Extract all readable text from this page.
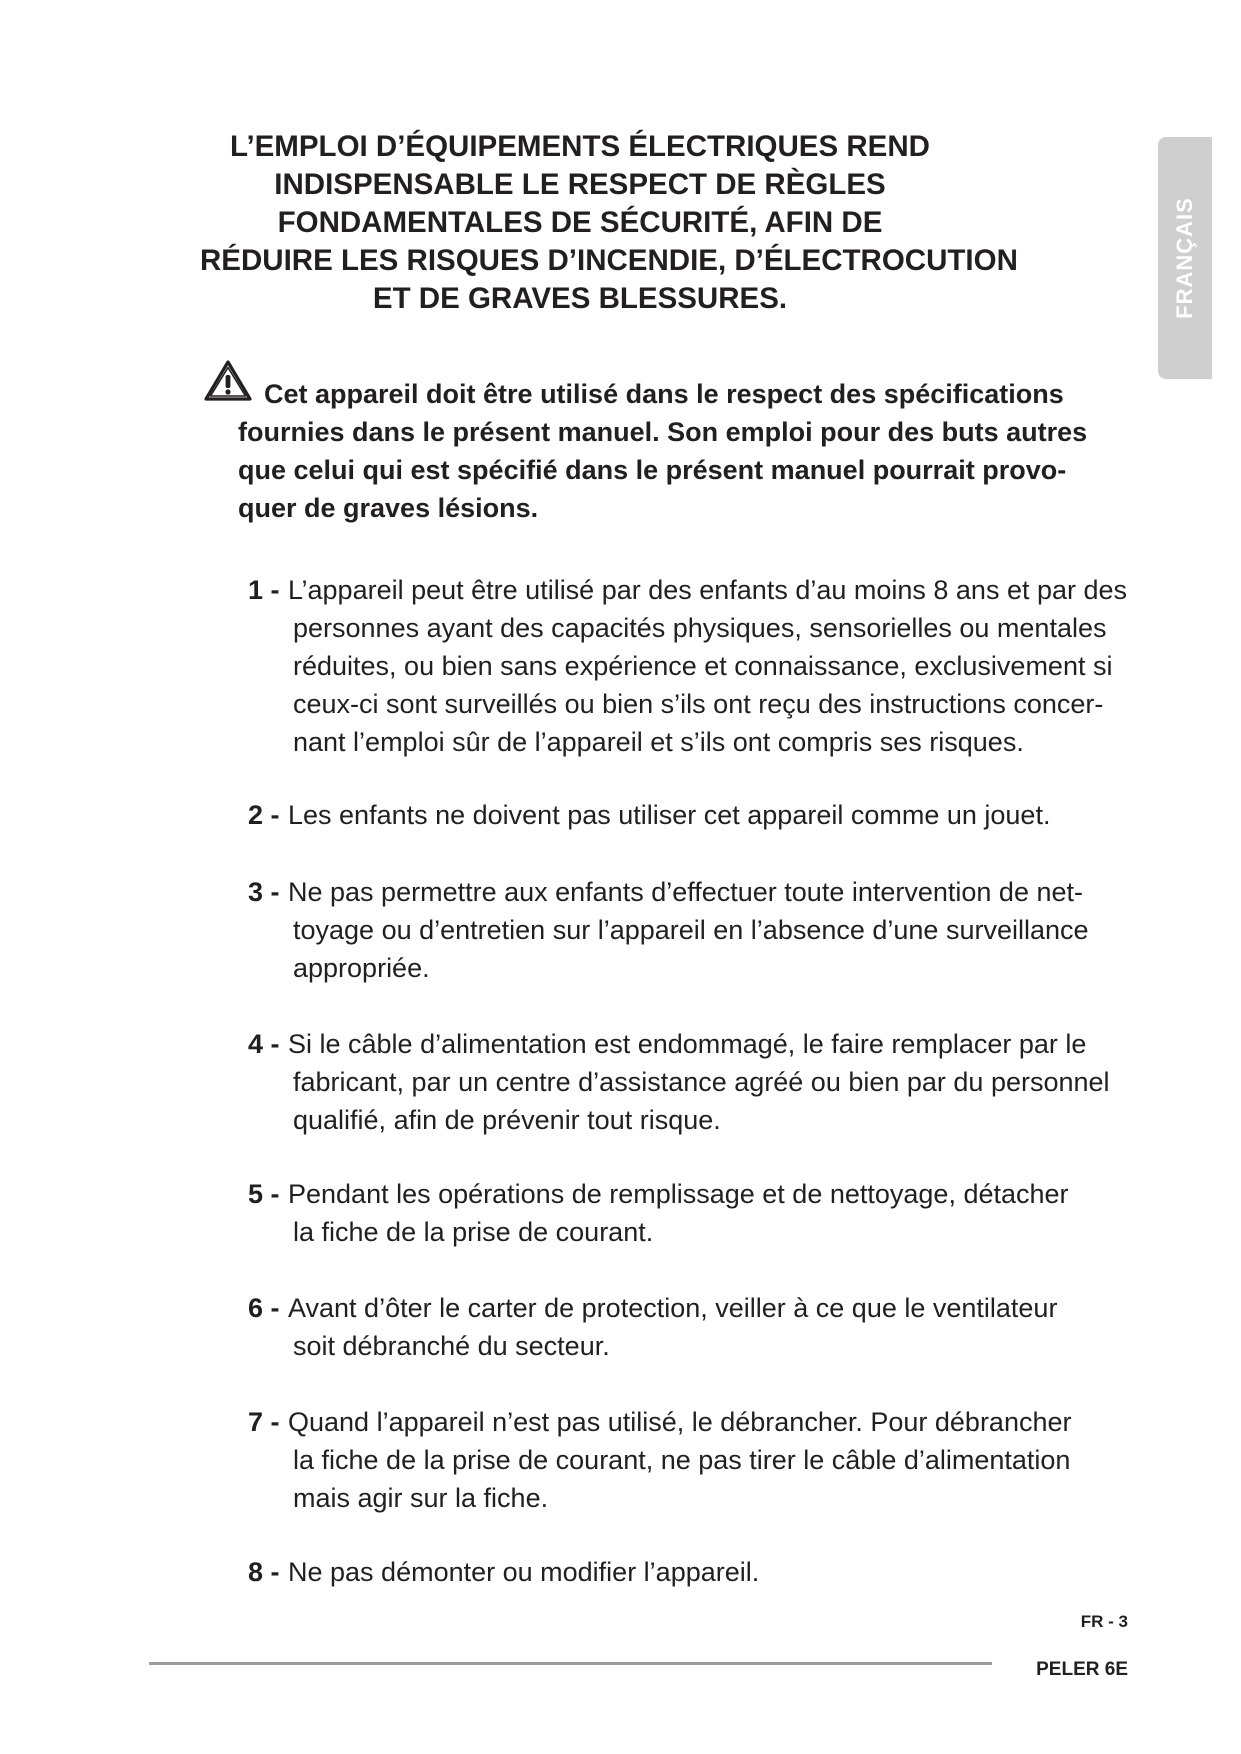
FRANÇAIS
L’EMPLOI D’ÉQUIPEMENTS ÉLECTRIQUES REND
INDISPENSABLE LE RESPECT DE RÈGLES
FONDAMENTALES DE SÉCURITÉ, AFIN DE
RÉDUIRE LES RISQUES D’INCENDIE, D’ÉLECTROCUTION
ET DE GRAVES BLESSURES.

Cet appareil doit être utilisé dans le respect des spécifications
fournies dans le présent manuel. Son emploi pour des buts autres
que celui qui est spécifié dans le présent manuel pourrait provo-
quer de graves lésions.

1 - L’appareil peut être utilisé par des enfants d’au moins 8 ans et par des
personnes ayant des capacités physiques, sensorielles ou mentales
réduites, ou bien sans expérience et connaissance, exclusivement si
ceux-ci sont surveillés ou bien s’ils ont reçu des instructions concer-
nant l’emploi sûr de l’appareil et s’ils ont compris ses risques.
2 - Les enfants ne doivent pas utiliser cet appareil comme un jouet.
3 - Ne pas permettre aux enfants d’effectuer toute intervention de net-
toyage ou d’entretien sur l’appareil en l’absence d’une surveillance
appropriée.
4 - Si le câble d’alimentation est endommagé, le faire remplacer par le
fabricant, par un centre d’assistance agréé ou bien par du personnel
qualifié, afin de prévenir tout risque.
5 - Pendant les opérations de remplissage et de nettoyage, détacher
la fiche de la prise de courant.
6 - Avant d’ôter le carter de protection, veiller à ce que le ventilateur
soit débranché du secteur.
7 - Quand l’appareil n’est pas utilisé, le débrancher. Pour débrancher
la fiche de la prise de courant, ne pas tirer le câble d’alimentation
mais agir sur la fiche.
8 - Ne pas démonter ou modifier l’appareil.
FR - 3
PELER 6E
